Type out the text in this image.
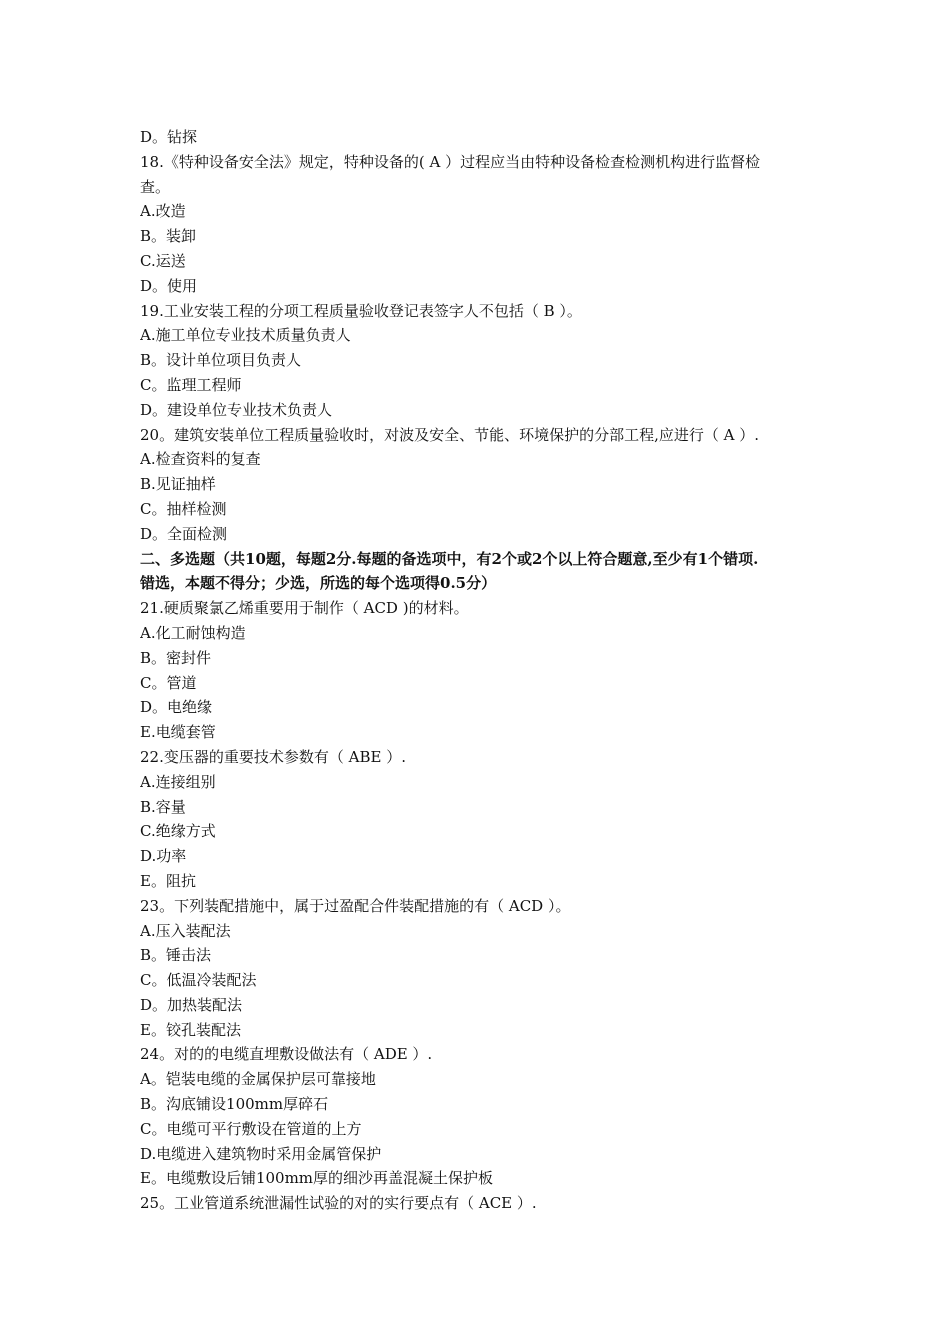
D。钻探
18.《特种设备安全法》规定，特种设备的( A ）过程应当由特种设备检查检测机构进行监督检
查。
A.改造
B。装卸
C.运送
D。使用
19.工业安装工程的分项工程质量验收登记表签字人不包括（ B ）。
A.施工单位专业技术质量负责人
B。设计单位项目负责人
C。监理工程师
D。建设单位专业技术负责人
20。建筑安装单位工程质量验收时，对波及安全、节能、环境保护的分部工程,应进行（ A ）.
A.检查资料的复查
B.见证抽样
C。抽样检测
D。全面检测
二、多选题（共10题，每题2分.每题的备选项中，有2个或2个以上符合题意,至少有1个错项.
错选，本题不得分；少选，所选的每个选项得0.5分）
21.硬质聚氯乙烯重要用于制作（ ACD )的材料。
A.化工耐蚀构造
B。密封件
C。管道
D。电绝缘
E.电缆套管
22.变压器的重要技术参数有（ ABE ）.
A.连接组别
B.容量
C.绝缘方式
D.功率
E。阻抗
23。下列装配措施中，属于过盈配合件装配措施的有（ ACD ）。
A.压入装配法
B。锤击法
C。低温冷装配法
D。加热装配法
E。铰孔装配法
24。对的的电缆直埋敷设做法有（ ADE ）.
A。铠装电缆的金属保护层可靠接地
B。沟底铺设100mm厚碎石
C。电缆可平行敷设在管道的上方
D.电缆进入建筑物时采用金属管保护
E。电缆敷设后铺100mm厚的细沙再盖混凝土保护板
25。工业管道系统泄漏性试验的对的实行要点有（ ACE ）.
